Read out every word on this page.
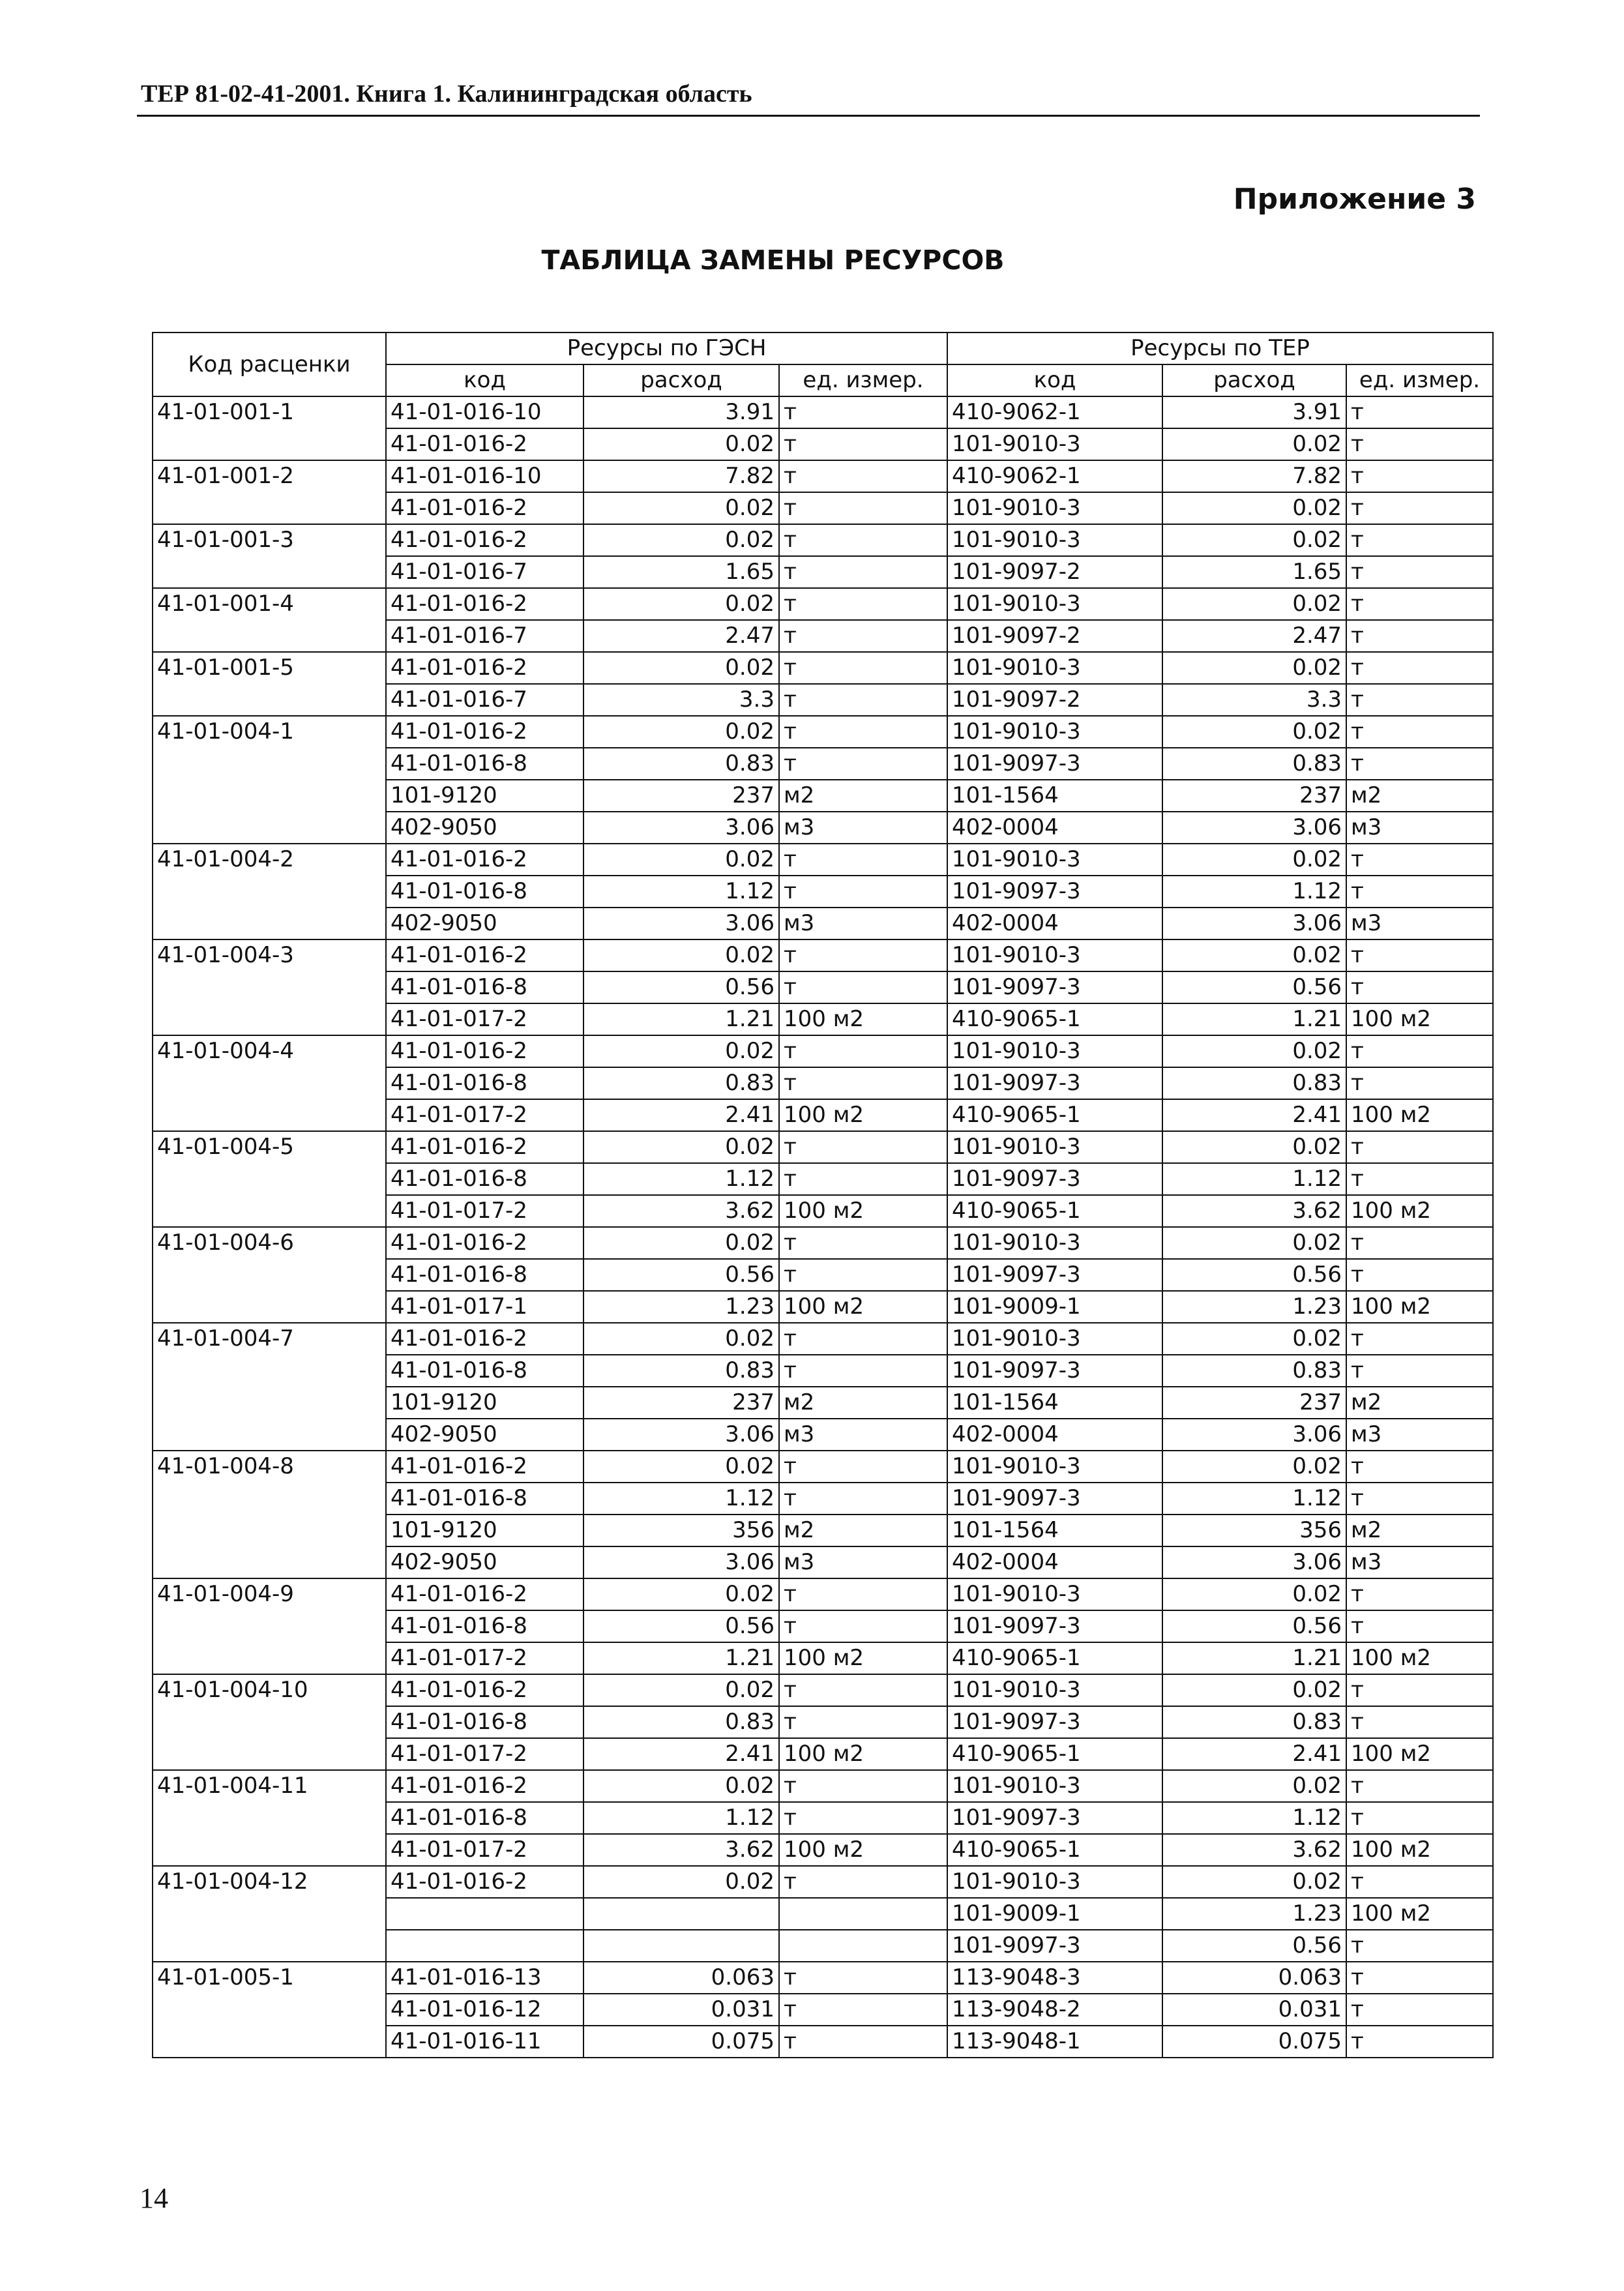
ТЕР 81-02-41-2001. Книга 1. Калининградская область
Приложение 3
ТАБЛИЦА ЗАМЕНЫ РЕСУРСОВ
Код расценки	Ресурсы по ГЭСН			Ресурсы по ТЕР		
	код	расход	ед. измер.	код	расход	ед. измер.
41-01-001-1	41-01-016-10	3.91	т	410-9062-1	3.91	т
	41-01-016-2	0.02	т	101-9010-3	0.02	т
41-01-001-2	41-01-016-10	7.82	т	410-9062-1	7.82	т
	41-01-016-2	0.02	т	101-9010-3	0.02	т
41-01-001-3	41-01-016-2	0.02	т	101-9010-3	0.02	т
	41-01-016-7	1.65	т	101-9097-2	1.65	т
41-01-001-4	41-01-016-2	0.02	т	101-9010-3	0.02	т
	41-01-016-7	2.47	т	101-9097-2	2.47	т
41-01-001-5	41-01-016-2	0.02	т	101-9010-3	0.02	т
	41-01-016-7	3.3	т	101-9097-2	3.3	т
41-01-004-1	41-01-016-2	0.02	т	101-9010-3	0.02	т
	41-01-016-8	0.83	т	101-9097-3	0.83	т
	101-9120	237	м2	101-1564	237	м2
	402-9050	3.06	м3	402-0004	3.06	м3
41-01-004-2	41-01-016-2	0.02	т	101-9010-3	0.02	т
	41-01-016-8	1.12	т	101-9097-3	1.12	т
	402-9050	3.06	м3	402-0004	3.06	м3
41-01-004-3	41-01-016-2	0.02	т	101-9010-3	0.02	т
	41-01-016-8	0.56	т	101-9097-3	0.56	т
	41-01-017-2	1.21	100 м2	410-9065-1	1.21	100 м2
41-01-004-4	41-01-016-2	0.02	т	101-9010-3	0.02	т
	41-01-016-8	0.83	т	101-9097-3	0.83	т
	41-01-017-2	2.41	100 м2	410-9065-1	2.41	100 м2
41-01-004-5	41-01-016-2	0.02	т	101-9010-3	0.02	т
	41-01-016-8	1.12	т	101-9097-3	1.12	т
	41-01-017-2	3.62	100 м2	410-9065-1	3.62	100 м2
41-01-004-6	41-01-016-2	0.02	т	101-9010-3	0.02	т
	41-01-016-8	0.56	т	101-9097-3	0.56	т
	41-01-017-1	1.23	100 м2	101-9009-1	1.23	100 м2
41-01-004-7	41-01-016-2	0.02	т	101-9010-3	0.02	т
	41-01-016-8	0.83	т	101-9097-3	0.83	т
	101-9120	237	м2	101-1564	237	м2
	402-9050	3.06	м3	402-0004	3.06	м3
41-01-004-8	41-01-016-2	0.02	т	101-9010-3	0.02	т
	41-01-016-8	1.12	т	101-9097-3	1.12	т
	101-9120	356	м2	101-1564	356	м2
	402-9050	3.06	м3	402-0004	3.06	м3
41-01-004-9	41-01-016-2	0.02	т	101-9010-3	0.02	т
	41-01-016-8	0.56	т	101-9097-3	0.56	т
	41-01-017-2	1.21	100 м2	410-9065-1	1.21	100 м2
41-01-004-10	41-01-016-2	0.02	т	101-9010-3	0.02	т
	41-01-016-8	0.83	т	101-9097-3	0.83	т
	41-01-017-2	2.41	100 м2	410-9065-1	2.41	100 м2
41-01-004-11	41-01-016-2	0.02	т	101-9010-3	0.02	т
	41-01-016-8	1.12	т	101-9097-3	1.12	т
	41-01-017-2	3.62	100 м2	410-9065-1	3.62	100 м2
41-01-004-12	41-01-016-2	0.02	т	101-9010-3	0.02	т
				101-9009-1	1.23	100 м2
				101-9097-3	0.56	т
41-01-005-1	41-01-016-13	0.063	т	113-9048-3	0.063	т
	41-01-016-12	0.031	т	113-9048-2	0.031	т
	41-01-016-11	0.075	т	113-9048-1	0.075	т
14
